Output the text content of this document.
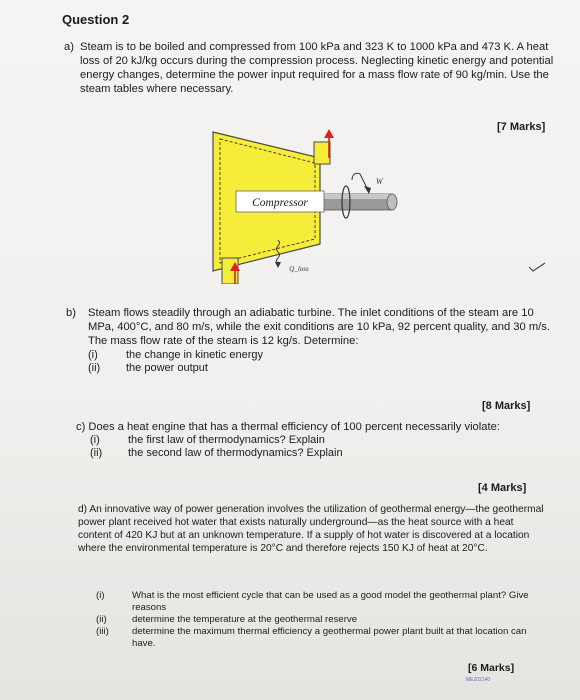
Question 2
a) Steam is to be boiled and compressed from 100 kPa and 323 K to 1000 kPa and 473 K. A heat loss of 20 kJ/kg occurs during the compression process. Neglecting kinetic energy and potential energy changes, determine the power input required for a mass flow rate of 90 kg/min. Use the steam tables where necessary.
[7 Marks]
W
Compressor
Q_loss
b) Steam flows steadily through an adiabatic turbine. The inlet conditions of the steam are 10 MPa, 400°C, and 80 m/s, while the exit conditions are 10 kPa, 92 percent quality, and 30 m/s. The mass flow rate of the steam is 12 kg/s. Determine:
(i)	the change in kinetic energy
(ii) the power output
[8 Marks]
c) Does a heat engine that has a thermal efficiency of 100 percent necessarily violate:
(i)	the first law of thermodynamics? Explain
(ii) the second law of thermodynamics? Explain
[4 Marks]
d) An innovative way of power generation involves the utilization of geothermal energy—the geothermal power plant received hot water that exists naturally underground—as the heat source with a heat content of 420 KJ but at an unknown temperature. If a supply of hot water is discovered at a location where the environmental temperature is 20°C and therefore rejects 150 KJ of heat at 20°C.
(i)	What is the most efficient cycle that can be used as a good model the geothermal plant? Give reasons
(ii)	determine the temperature at the geothermal reserve
(iii)	determine the maximum thermal efficiency a geothermal power plant built at that location can have.
[6 Marks]
ME202140
